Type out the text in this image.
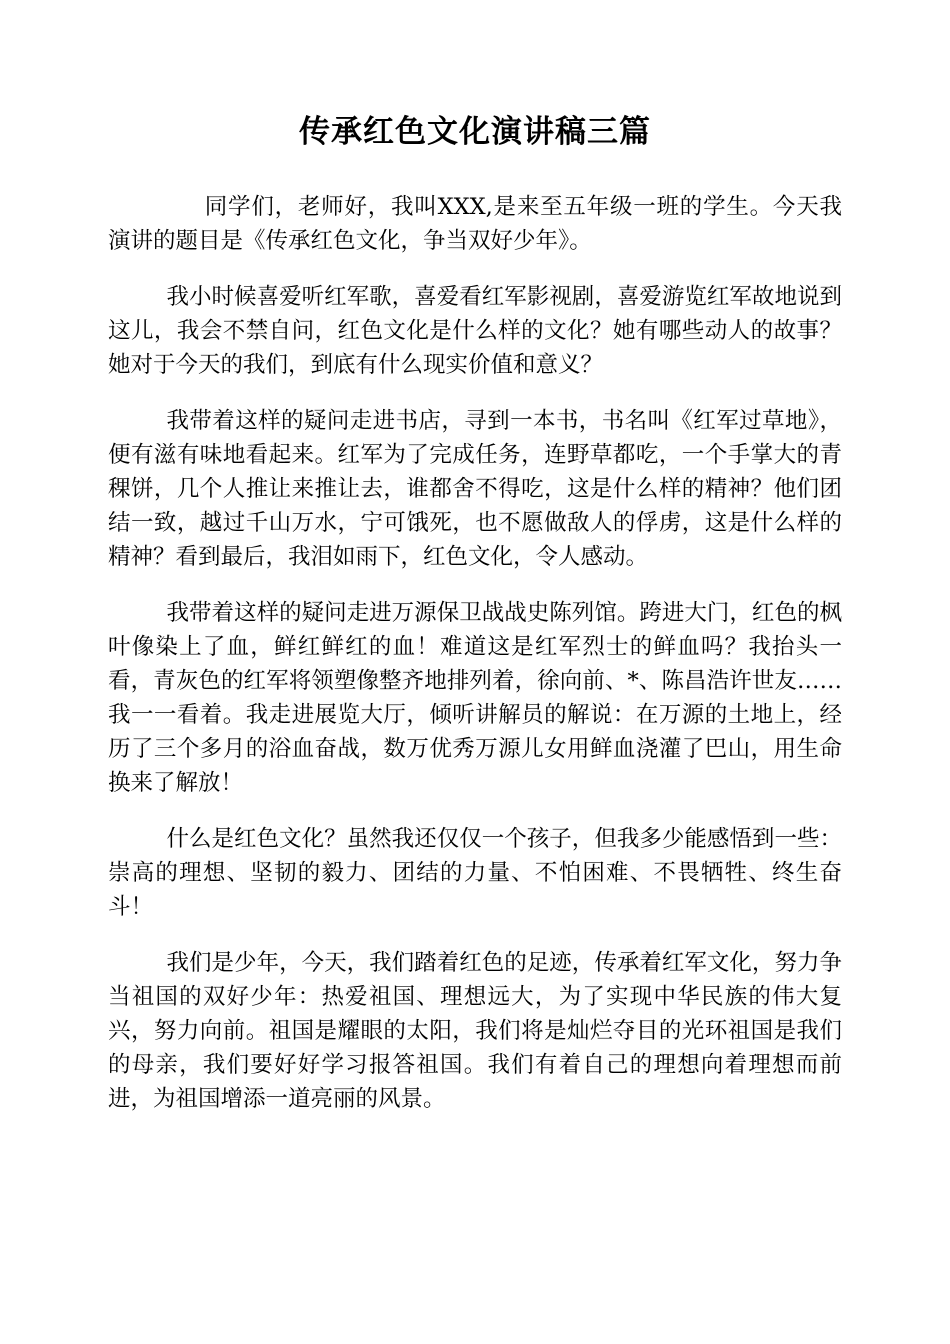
传承红色文化演讲稿三篇

同学们，老师好，我叫XXX,是来至五年级一班的学生。今天我演讲的题目是《传承红色文化，争当双好少年》。

我小时候喜爱听红军歌，喜爱看红军影视剧，喜爱游览红军故地说到这儿，我会不禁自问，红色文化是什么样的文化？她有哪些动人的故事？她对于今天的我们，到底有什么现实价值和意义？

我带着这样的疑问走进书店，寻到一本书，书名叫《红军过草地》，便有滋有味地看起来。红军为了完成任务，连野草都吃，一个手掌大的青稞饼，几个人推让来推让去，谁都舍不得吃，这是什么样的精神？他们团结一致，越过千山万水，宁可饿死，也不愿做敌人的俘虏，这是什么样的精神？看到最后，我泪如雨下，红色文化，令人感动。

我带着这样的疑问走进万源保卫战战史陈列馆。跨进大门，红色的枫叶像染上了血，鲜红鲜红的血！难道这是红军烈士的鲜血吗？我抬头一看，青灰色的红军将领塑像整齐地排列着，徐向前、*、陈昌浩许世友……我一一看着。我走进展览大厅，倾听讲解员的解说：在万源的土地上，经历了三个多月的浴血奋战，数万优秀万源儿女用鲜血浇灌了巴山，用生命换来了解放！

什么是红色文化？虽然我还仅仅一个孩子，但我多少能感悟到一些：崇高的理想、坚韧的毅力、团结的力量、不怕困难、不畏牺牲、终生奋斗！

我们是少年，今天，我们踏着红色的足迹，传承着红军文化，努力争当祖国的双好少年：热爱祖国、理想远大，为了实现中华民族的伟大复兴，努力向前。祖国是耀眼的太阳，我们将是灿烂夺目的光环祖国是我们的母亲，我们要好好学习报答祖国。我们有着自己的理想向着理想而前进，为祖国增添一道亮丽的风景。
